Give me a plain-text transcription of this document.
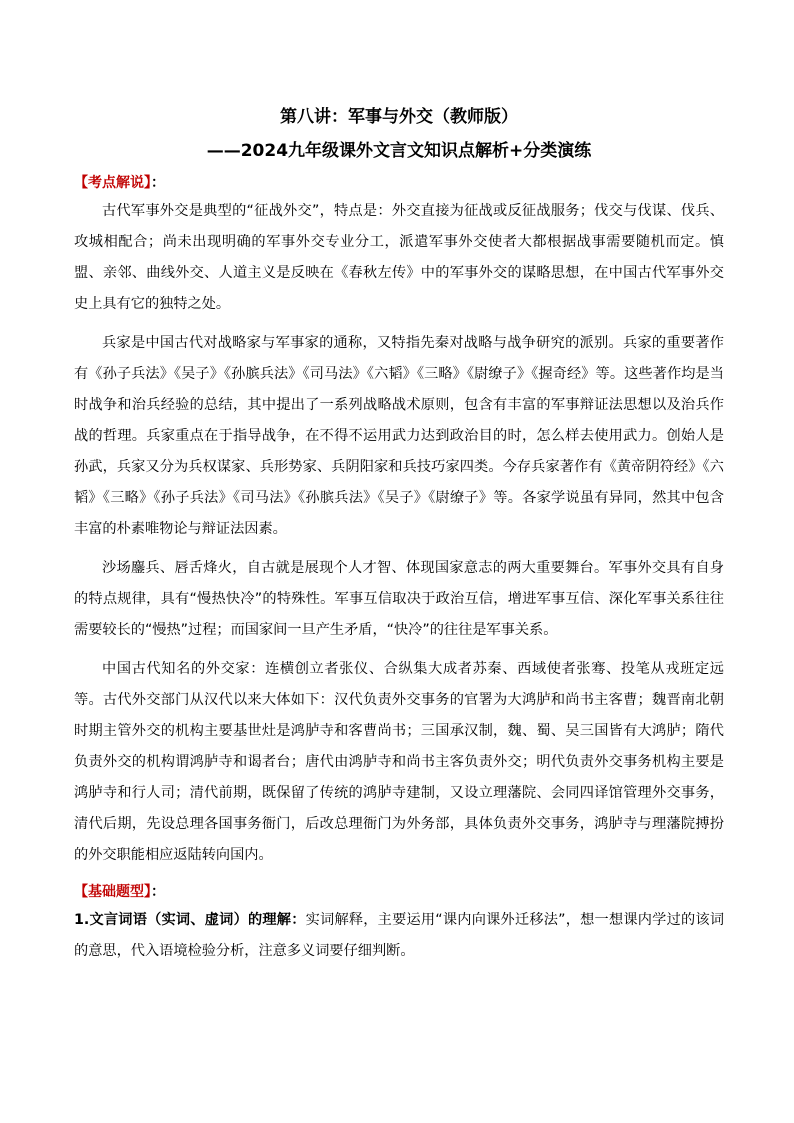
第八讲：军事与外交（教师版）

——2024九年级课外文言文知识点解析+分类演练

【考点解说】：

古代军事外交是典型的“征战外交”，特点是：外交直接为征战或反征战服务；伐交与伐谋、伐兵、攻城相配合；尚未出现明确的军事外交专业分工，派遣军事外交使者大都根据战事需要随机而定。慎盟、亲邻、曲线外交、人道主义是反映在《春秋左传》中的军事外交的谋略思想，在中国古代军事外交史上具有它的独特之处。

兵家是中国古代对战略家与军事家的通称，又特指先秦对战略与战争研究的派别。兵家的重要著作有《孙子兵法》《吴子》《孙膑兵法》《司马法》《六韬》《三略》《尉缭子》《握奇经》等。这些著作均是当时战争和治兵经验的总结，其中提出了一系列战略战术原则，包含有丰富的军事辩证法思想以及治兵作战的哲理。兵家重点在于指导战争，在不得不运用武力达到政治目的时，怎么样去使用武力。创始人是孙武，兵家又分为兵权谋家、兵形势家、兵阴阳家和兵技巧家四类。今存兵家著作有《黄帝阴符经》《六韬》《三略》《孙子兵法》《司马法》《孙膑兵法》《吴子》《尉缭子》等。各家学说虽有异同，然其中包含丰富的朴素唯物论与辩证法因素。

沙场鏖兵、唇舌烽火，自古就是展现个人才智、体现国家意志的两大重要舞台。军事外交具有自身的特点规律，具有“慢热快冷”的特殊性。军事互信取决于政治互信，增进军事互信、深化军事关系往往需要较长的“慢热”过程；而国家间一旦产生矛盾，“快冷”的往往是军事关系。

中国古代知名的外交家：连横创立者张仪、合纵集大成者苏秦、西域使者张骞、投笔从戎班定远等。古代外交部门从汉代以来大体如下：汉代负责外交事务的官署为大鸿胪和尚书主客曹；魏晋南北朝时期主管外交的机构主要基世灶是鸿胪寺和客曹尚书；三国承汉制，魏、蜀、吴三国皆有大鸿胪；隋代负责外交的机构谓鸿胪寺和谒者台；唐代由鸿胪寺和尚书主客负责外交；明代负责外交事务机构主要是鸿胪寺和行人司；清代前期，既保留了传统的鸿胪寺建制，又设立理藩院、会同四译馆管理外交事务，清代后期，先设总理各国事务衙门，后改总理衙门为外务部，具体负责外交事务，鸿胪寺与理藩院搏扮的外交职能相应返陆转向国内。

【基础题型】：

1.文言词语（实词、虚词）的理解：实词解释，主要运用“课内向课外迁移法”，想一想课内学过的该词的意思，代入语境检验分析，注意多义词要仔细判断。
